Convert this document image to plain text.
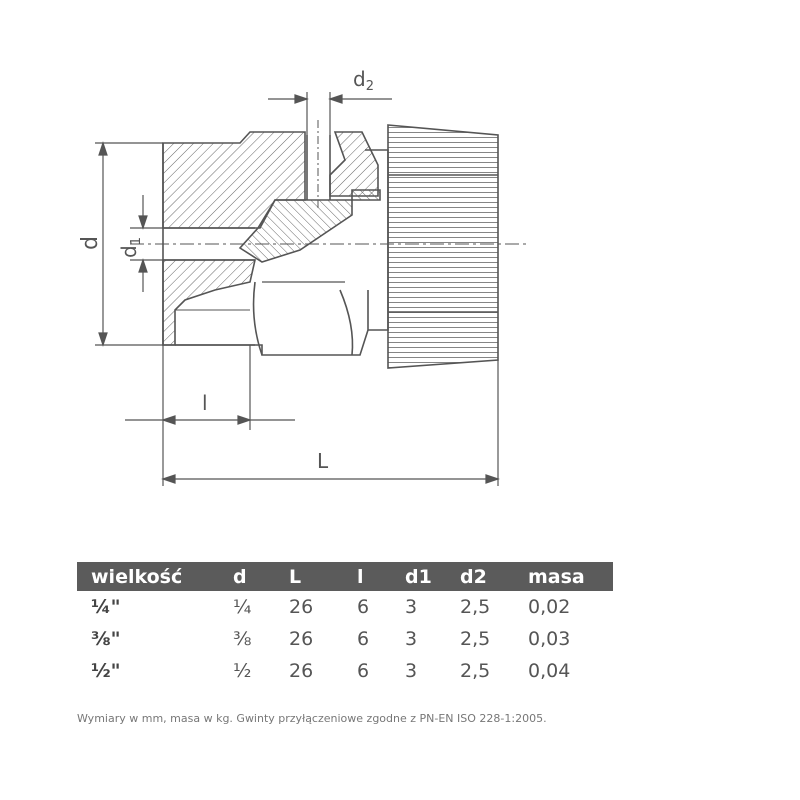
d
$d_1$
$d_2$
l
L
wielkość	d	L	l	d1	d2	masa
¼"	¼	26	6	3	2,5	0,02
⅜"	⅜	26	6	3	2,5	0,03
½"	½	26	6	3	2,5	0,04
Wymiary w mm, masa w kg. Gwinty przyłączeniowe zgodne z PN-EN ISO 228-1:2005.
